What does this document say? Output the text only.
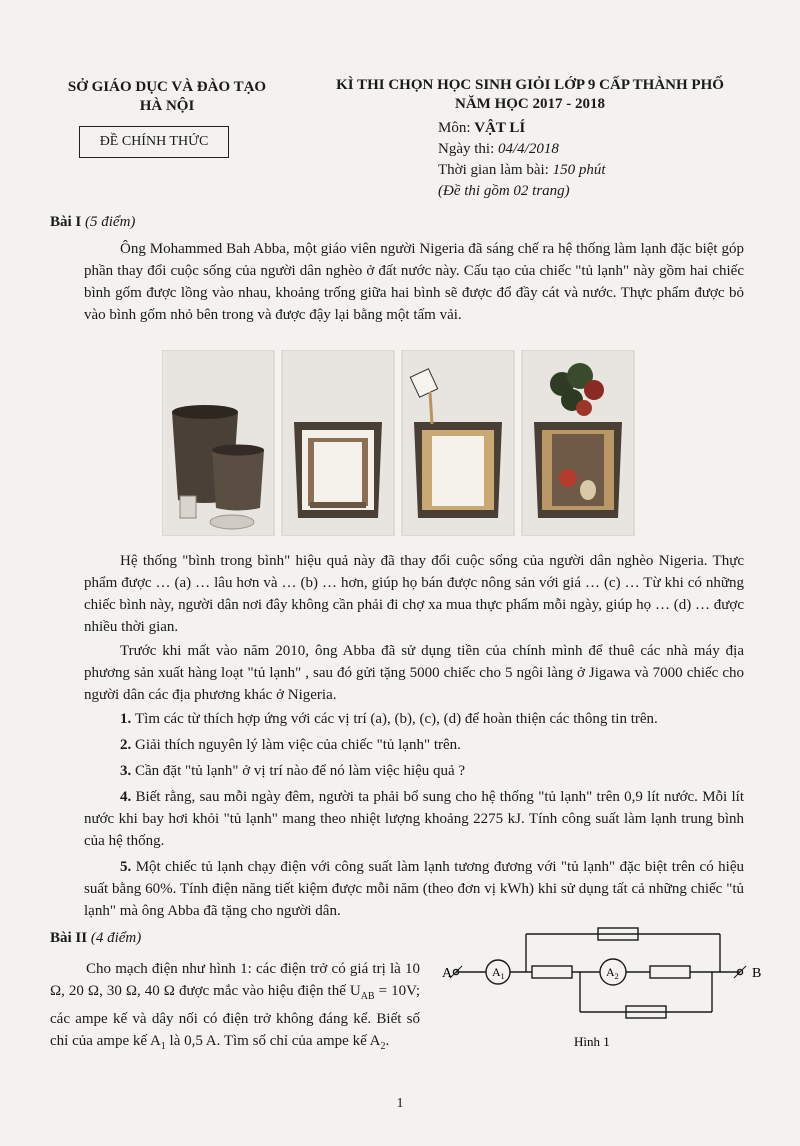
SỞ GIÁO DỤC VÀ ĐÀO TẠO
HÀ NỘI
KÌ THI CHỌN HỌC SINH GIỎI LỚP 9 CẤP THÀNH PHỐ
NĂM HỌC 2017 - 2018
ĐỀ CHÍNH THỨC
Môn: VẬT LÍ
Ngày thi: 04/4/2018
Thời gian làm bài: 150 phút
(Đề thi gồm 02 trang)
Bài I (5 điểm)
Ông Mohammed Bah Abba, một giáo viên người Nigeria đã sáng chế ra hệ thống làm lạnh đặc biệt góp phần thay đổi cuộc sống của người dân nghèo ở đất nước này. Cấu tạo của chiếc "tủ lạnh" này gồm hai chiếc bình gốm được lồng vào nhau, khoảng trống giữa hai bình sẽ được đổ đầy cát và nước. Thực phẩm được bỏ vào bình gốm nhỏ bên trong và được đậy lại bằng một tấm vải.
Hệ thống "bình trong bình" hiệu quả này đã thay đổi cuộc sống của người dân nghèo Nigeria. Thực phẩm được … (a) … lâu hơn và … (b) … hơn, giúp họ bán được nông sản với giá … (c) … Từ khi có những chiếc bình này, người dân nơi đây không cần phải đi chợ xa mua thực phẩm mỗi ngày, giúp họ … (d) … được nhiều thời gian.
Trước khi mất vào năm 2010, ông Abba đã sử dụng tiền của chính mình để thuê các nhà máy địa phương sản xuất hàng loạt "tủ lạnh" , sau đó gửi tặng 5000 chiếc cho 5 ngôi làng ở Jigawa và 7000 chiếc cho người dân các địa phương khác ở Nigeria.
1. Tìm các từ thích hợp ứng với các vị trí (a), (b), (c), (d) để hoàn thiện các thông tin trên.
2. Giải thích nguyên lý làm việc của chiếc "tủ lạnh" trên.
3. Cần đặt "tủ lạnh" ở vị trí nào để nó làm việc hiệu quả ?
4. Biết rằng, sau mỗi ngày đêm, người ta phải bổ sung cho hệ thống "tủ lạnh" trên 0,9 lít nước. Mỗi lít nước khi bay hơi khỏi "tủ lạnh" mang theo nhiệt lượng khoảng 2275 kJ. Tính công suất làm lạnh trung bình của hệ thống.
5. Một chiếc tủ lạnh chạy điện với công suất làm lạnh tương đương với "tủ lạnh" đặc biệt trên có hiệu suất bằng 60%. Tính điện năng tiết kiệm được mỗi năm (theo đơn vị kWh) khi sử dụng tất cả những chiếc "tủ lạnh" mà ông Abba đã tặng cho người dân.
Bài II (4 điểm)
Cho mạch điện như hình 1: các điện trở có giá trị là 10 Ω, 20 Ω, 30 Ω, 40 Ω được mắc vào hiệu điện thế $U_{AB} = 10V$; các ampe kế và dây nối có điện trở không đáng kể. Biết số chỉ của ampe kế $A_1$ là 0,5 A. Tìm số chỉ của ampe kế $A_2$.
A	B
$A_1$	$A_2$
Hình 1
1
